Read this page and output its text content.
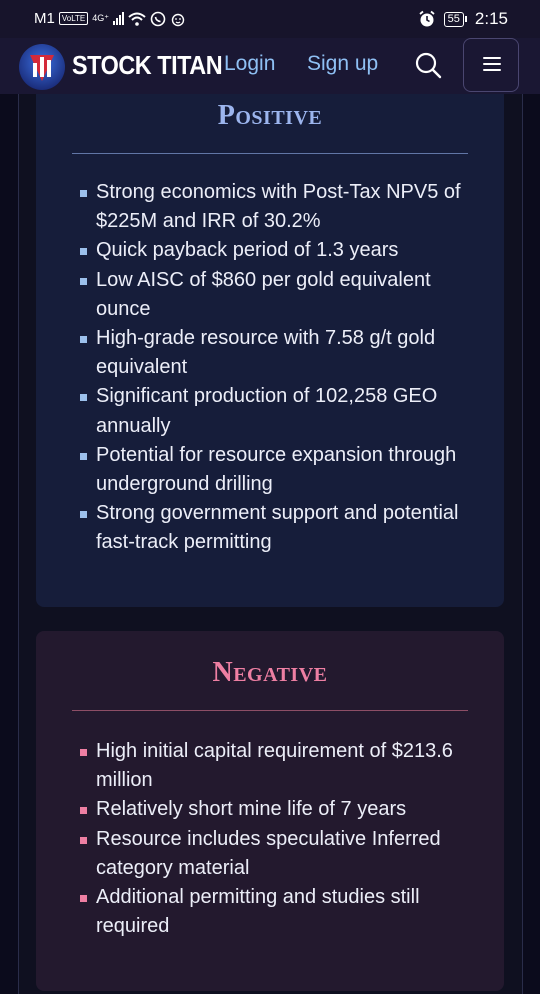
M1 VoLTE 4G⁺	55 2:15
STOCK TITAN Login Sign up
Positive
Strong economics with Post-Tax NPV5 of $225M and IRR of 30.2%
Quick payback period of 1.3 years
Low AISC of $860 per gold equivalent ounce
High-grade resource with 7.58 g/t gold equivalent
Significant production of 102,258 GEO annually
Potential for resource expansion through underground drilling
Strong government support and potential fast-track permitting
Negative
High initial capital requirement of $213.6 million
Relatively short mine life of 7 years
Resource includes speculative Inferred category material
Additional permitting and studies still required
